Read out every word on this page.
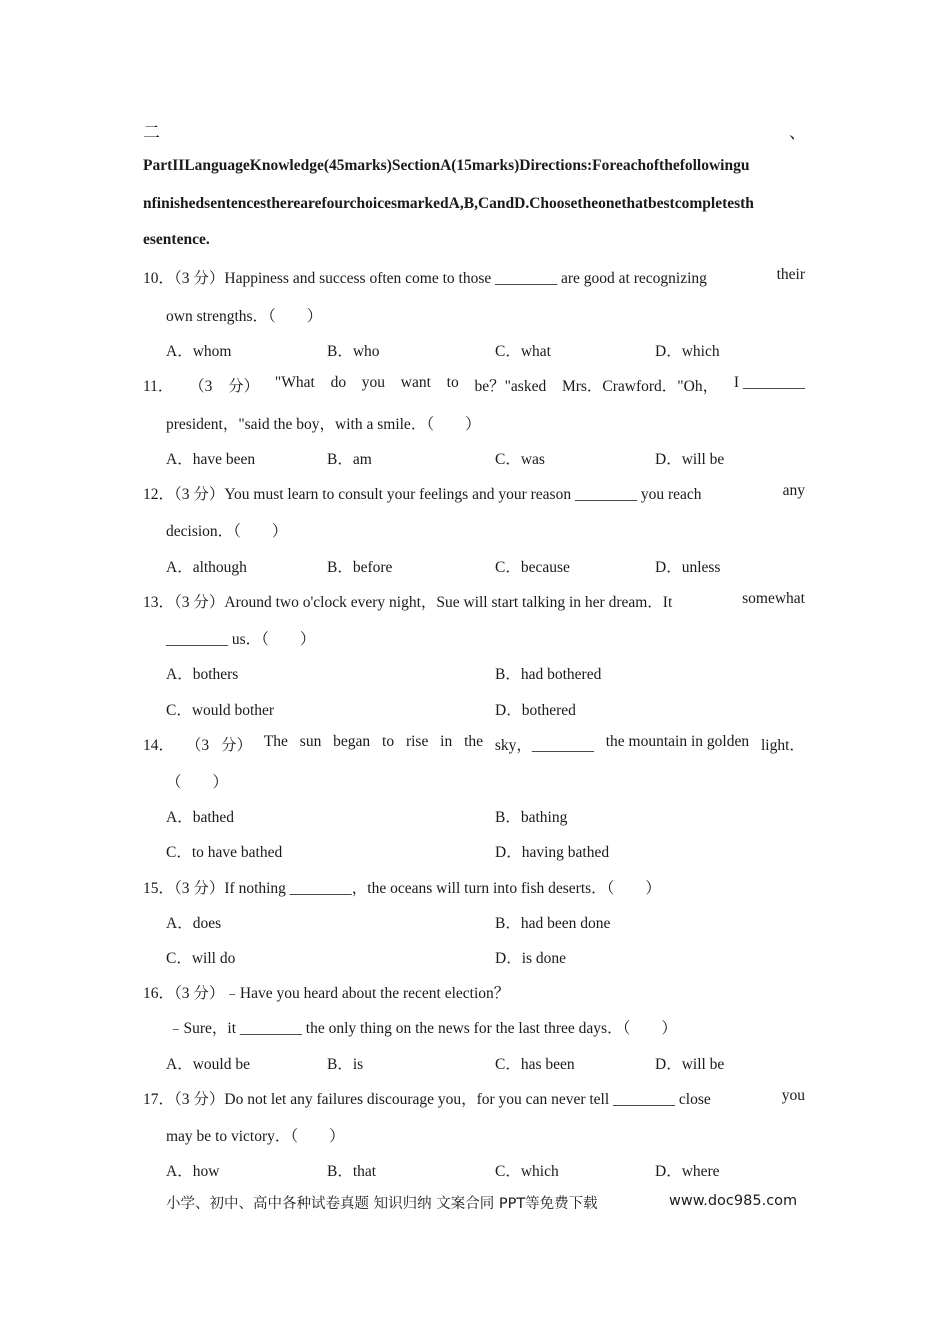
二	、
PartIILanguageKnowledge(45marks)SectionA(15marks)Directions:Foreachofthefollowingu
nfinishedsentencestherearefourchoicesmarkedA,B,CandD.Choosetheonethatbestcompletesth
esentence.
10．（3 分）Happiness and success often come to those ________ are good at recognizing	their
own strengths．（　　）
A．whom	B．who	C．what	D．which
11． （3 分） "What do you want to be？"asked Mrs．Crawford．"Oh， I ________
president，"said the boy，with a smile．（　　）
A．have been	B．am	C．was	D．will be
12．（3 分）You must learn to consult your feelings and your reason ________ you reach	any
decision．（　　）
A．although	B．before	C．because	D．unless
13．（3 分）Around two o'clock every night，Sue will start talking in her dream．It	somewhat
________ us．（　　）
A．bothers	B．had bothered
C．would bother	D．bothered
14． （3 分） The sun began to rise in the sky，________ the mountain in golden light．
（　　）
A．bathed	B．bathing
C．to have bathed	D．having bathed
15．（3 分）If nothing ________，the oceans will turn into fish deserts．（　　）
A．does	B．had been done
C．will do	D．is done
16．（3 分）﹣Have you heard about the recent election？
﹣Sure，it ________ the only thing on the news for the last three days．（　　）
A．would be	B．is	C．has been	D．will be
17．（3 分）Do not let any failures discourage you，for you can never tell ________ close	you
may be to victory．（　　）
A．how	B．that	C．which	D．where
小学、初中、高中各种试卷真题 知识归纳 文案合同 PPT等免费下载	www.doc985.com
